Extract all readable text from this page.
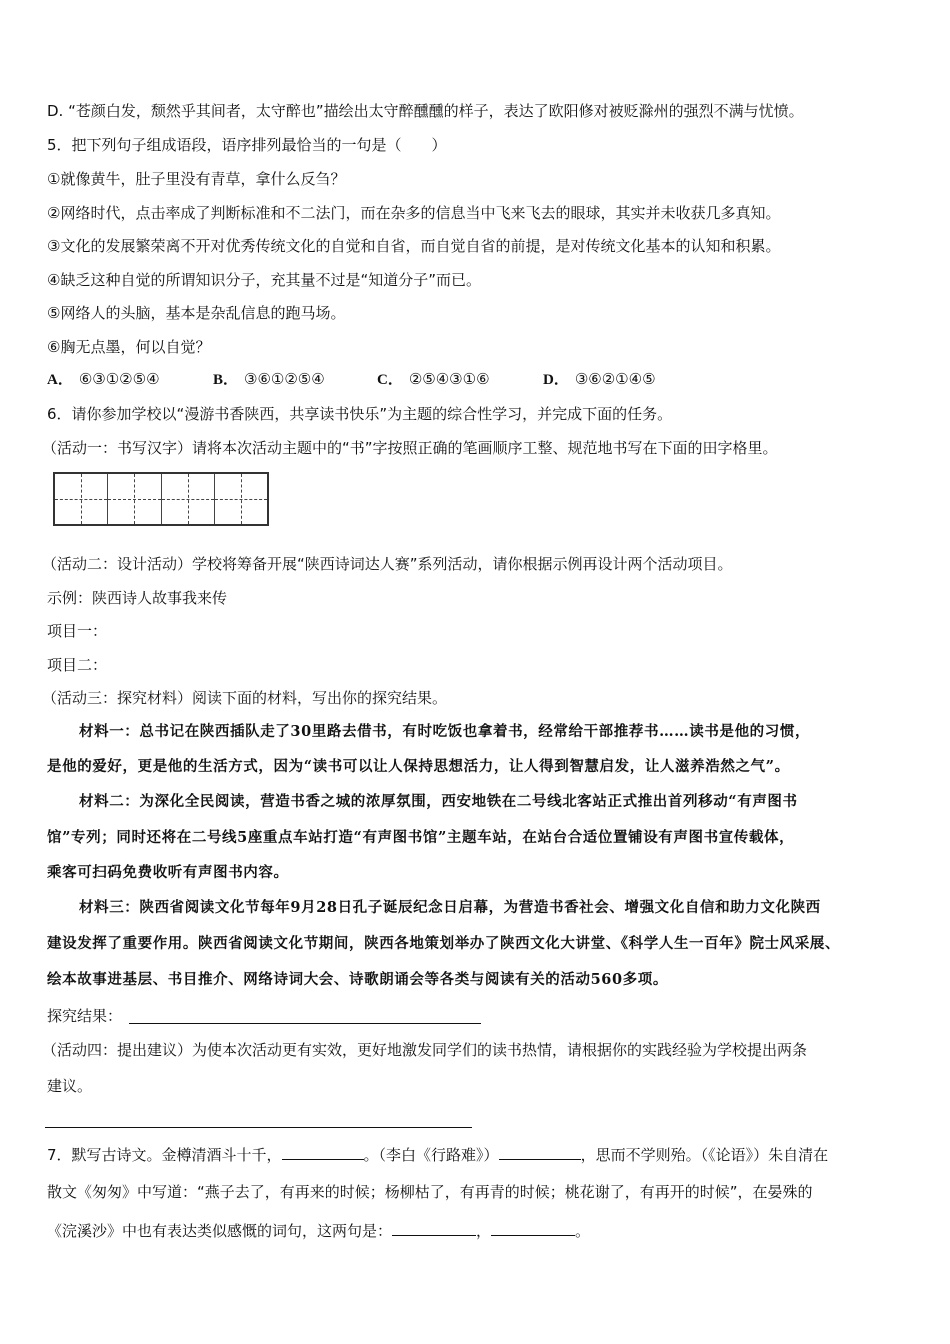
D. “苍颜白发，颓然乎其间者，太守醉也”描绘出太守醉醺醺的样子，表达了欧阳修对被贬滁州的强烈不满与忧愤。
5．把下列句子组成语段，语序排列最恰当的一句是（　　）
①就像黄牛，肚子里没有青草，拿什么反刍？
②网络时代，点击率成了判断标准和不二法门，而在杂多的信息当中飞来飞去的眼球，其实并未收获几多真知。
③文化的发展繁荣离不开对优秀传统文化的自觉和自省，而自觉自省的前提，是对传统文化基本的认知和积累。
④缺乏这种自觉的所谓知识分子，充其量不过是“知道分子”而已。
⑤网络人的头脑，基本是杂乱信息的跑马场。
⑥胸无点墨，何以自觉？
A． ⑥③①②⑤④	B． ③⑥①②⑤④	C． ②⑤④③①⑥	D． ③⑥②①④⑤
6．请你参加学校以“漫游书香陕西，共享读书快乐”为主题的综合性学习，并完成下面的任务。
（活动一：书写汉字）请将本次活动主题中的“书”字按照正确的笔画顺序工整、规范地书写在下面的田字格里。
（活动二：设计活动）学校将筹备开展“陕西诗词达人赛”系列活动，请你根据示例再设计两个活动项目。
示例：陕西诗人故事我来传
项目一：
项目二：
（活动三：探究材料）阅读下面的材料，写出你的探究结果。
材料一：总书记在陕西插队走了30里路去借书，有时吃饭也拿着书，经常给干部推荐书……读书是他的习惯，
是他的爱好，更是他的生活方式，因为“读书可以让人保持思想活力，让人得到智慧启发，让人滋养浩然之气”。
材料二：为深化全民阅读，营造书香之城的浓厚氛围，西安地铁在二号线北客站正式推出首列移动“有声图书
馆”专列；同时还将在二号线5座重点车站打造“有声图书馆”主题车站，在站台合适位置铺设有声图书宣传载体，
乘客可扫码免费收听有声图书内容。
材料三：陕西省阅读文化节每年9月28日孔子诞辰纪念日启幕，为营造书香社会、增强文化自信和助力文化陕西
建设发挥了重要作用。陕西省阅读文化节期间，陕西各地策划举办了陕西文化大讲堂、《科学人生一百年》院士风采展、
绘本故事进基层、书目推介、网络诗词大会、诗歌朗诵会等各类与阅读有关的活动560多项。
探究结果：
（活动四：提出建议）为使本次活动更有实效，更好地激发同学们的读书热情，请根据你的实践经验为学校提出两条
建议。
7．默写古诗文。金樽清酒斗十千，	。（李白《行路难》）	，思而不学则殆。（《论语》）朱自清在
散文《匆匆》中写道：“燕子去了，有再来的时候；杨柳枯了，有再青的时候；桃花谢了，有再开的时候”，在晏殊的
《浣溪沙》中也有表达类似感慨的词句，这两句是：	，	。
